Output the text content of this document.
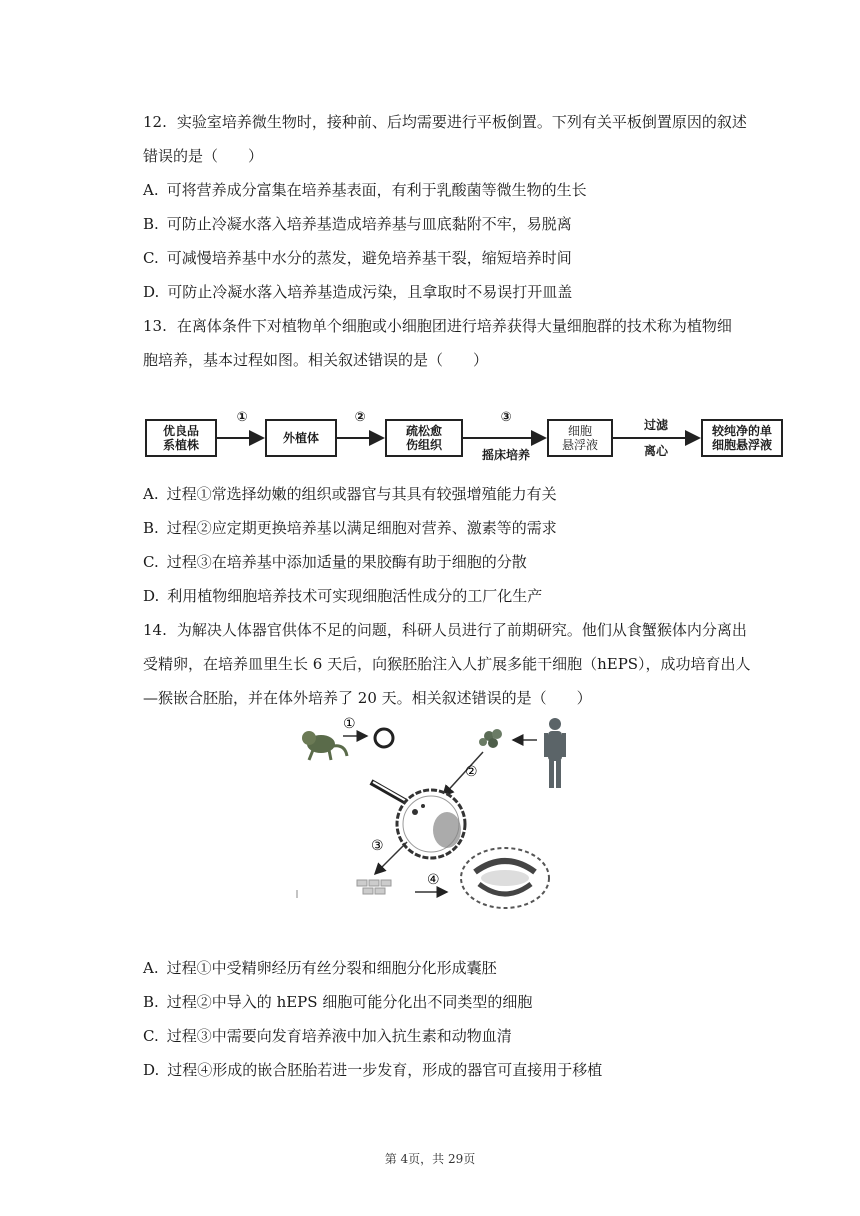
12. 实验室培养微生物时，接种前、后均需要进行平板倒置。下列有关平板倒置原因的叙述
错误的是（　　）
A. 可将营养成分富集在培养基表面，有利于乳酸菌等微生物的生长
B. 可防止冷凝水落入培养基造成培养基与皿底黏附不牢，易脱离
C. 可减慢培养基中水分的蒸发，避免培养基干裂，缩短培养时间
D. 可防止冷凝水落入培养基造成污染，且拿取时不易误打开皿盖
13. 在离体条件下对植物单个细胞或小细胞团进行培养获得大量细胞群的技术称为植物细
胞培养，基本过程如图。相关叙述错误的是（　　）
优良品
系植株
①
外植体
②
疏松愈
伤组织
③
摇床培养
细胞
悬浮液
过滤
离心
较纯净的单
细胞悬浮液
A. 过程①常选择幼嫩的组织或器官与其具有较强增殖能力有关
B. 过程②应定期更换培养基以满足细胞对营养、激素等的需求
C. 过程③在培养基中添加适量的果胶酶有助于细胞的分散
D. 利用植物细胞培养技术可实现细胞活性成分的工厂化生产
14. 为解决人体器官供体不足的问题，科研人员进行了前期研究。他们从食蟹猴体内分离出
受精卵，在培养皿里生长 6 天后，向猴胚胎注入人扩展多能干细胞（hEPS），成功培育出人
—猴嵌合胚胎，并在体外培养了 20 天。相关叙述错误的是（　　）
①
②
③
④
A. 过程①中受精卵经历有丝分裂和细胞分化形成囊胚
B. 过程②中导入的 hEPS 细胞可能分化出不同类型的细胞
C. 过程③中需要向发育培养液中加入抗生素和动物血清
D. 过程④形成的嵌合胚胎若进一步发育，形成的器官可直接用于移植
第 4页，共 29页
